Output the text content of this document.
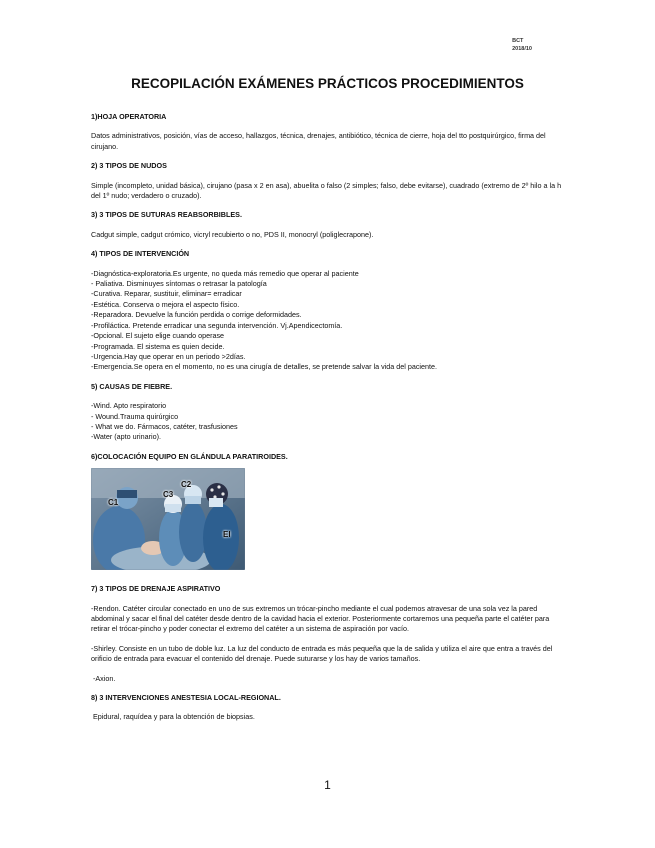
BCT
2018/10
RECOPILACIÓN EXÁMENES PRÁCTICOS PROCEDIMIENTOS
1)HOJA OPERATORIA
Datos administrativos, posición, vías de acceso, hallazgos, técnica, drenajes, antibiótico, técnica de cierre, hoja del tto postquirúrgico, firma del cirujano.
2) 3 TIPOS DE NUDOS
Simple (incompleto, unidad básica), cirujano (pasa x 2 en asa), abuelita o falso (2 simples; falso, debe evitarse), cuadrado (extremo de 2º hilo a la h del 1º nudo; verdadero o cruzado).
3) 3 TIPOS DE SUTURAS REABSORBIBLES.
Cadgut simple, cadgut crómico, vicryl recubierto o no, PDS II, monocryl (poliglecrapone).
4) TIPOS DE INTERVENCIÓN
-Diagnóstica-exploratoria.Es urgente, no queda más remedio que operar al paciente
- Paliativa. Disminuyes síntomas o retrasar la patología
-Curativa. Reparar, sustituir, eliminar= erradicar
-Estética. Conserva o mejora el aspecto físico.
-Reparadora. Devuelve la función perdida o corrige deformidades.
-Profiláctica. Pretende erradicar una segunda intervención. Vj.Apendicectomía.
-Opcional. El sujeto elige cuando operase
-Programada. El sistema es quien decide.
-Urgencia.Hay que operar en un periodo >2días.
-Emergencia.Se opera en el momento, no es una cirugía de detalles, se pretende salvar la vida del paciente.
5) CAUSAS DE FIEBRE.
-Wind. Apto respiratorio
- Wound.Trauma quirúrgico
- What we do. Fármacos, catéter, trasfusiones
-Water (apto urinario).
6)COLOCACIÓN EQUIPO EN GLÁNDULA PARATIROIDES.
C1
C2
C3
EI
7) 3 TIPOS DE DRENAJE ASPIRATIVO
-Rendon. Catéter circular conectado en uno de sus extremos un trócar-pincho mediante el cual podemos atravesar de una sola vez la pared abdominal y sacar el final del catéter desde dentro de la cavidad hacia el exterior. Posteriormente cortaremos una pequeña parte el catéter para retirar el trócar-pincho y poder conectar el extremo del catéter a un sistema de aspiración por vacío.
-Shirley. Consiste en un tubo de doble luz. La luz del conducto de entrada es más pequeña que la de salida y utiliza el aire que entra a través del orificio de entrada para evacuar el contenido del drenaje. Puede suturarse y los hay de varios tamaños.
-Axion.
8) 3 INTERVENCIONES ANESTESIA LOCAL-REGIONAL.
Epidural, raquídea y para la obtención de biopsias.
1
